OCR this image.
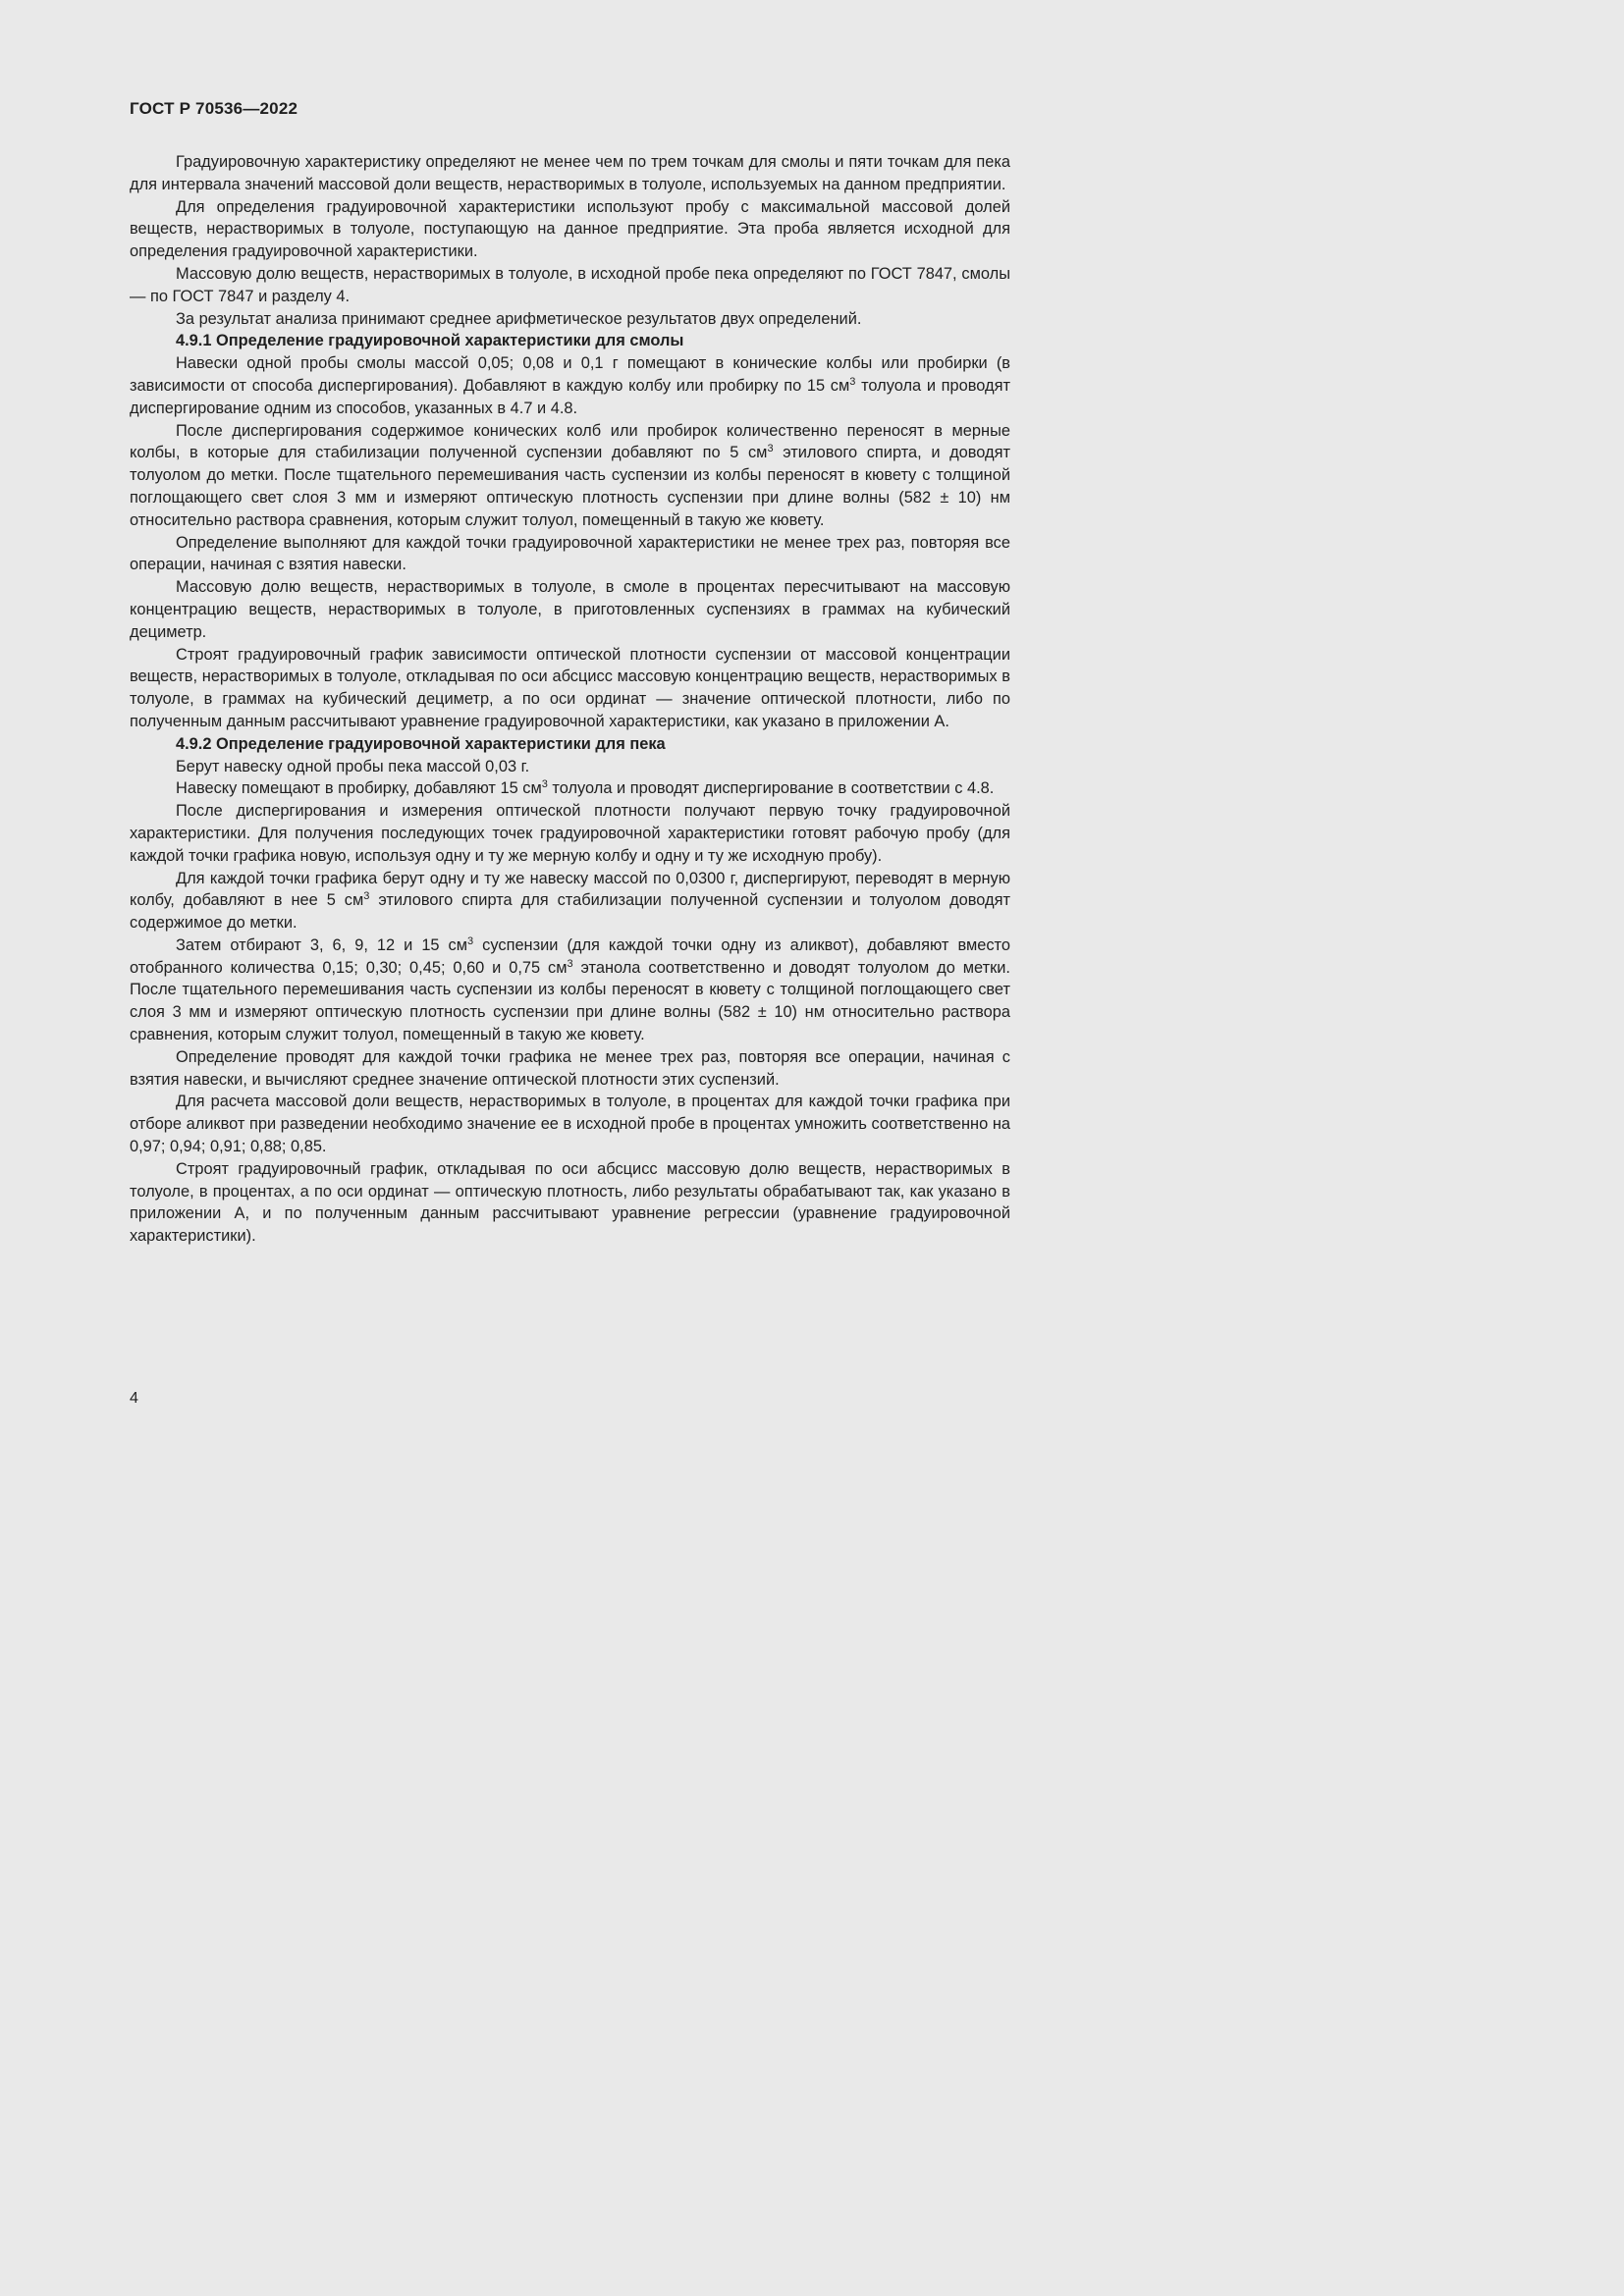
ГОСТ Р 70536—2022

Градуировочную характеристику определяют не менее чем по трем точкам для смолы и пяти точкам для пека для интервала значений массовой доли веществ, нерастворимых в толуоле, используемых на данном предприятии.

Для определения градуировочной характеристики используют пробу с максимальной массовой долей веществ, нерастворимых в толуоле, поступающую на данное предприятие. Эта проба является исходной для определения градуировочной характеристики.

Массовую долю веществ, нерастворимых в толуоле, в исходной пробе пека определяют по ГОСТ 7847, смолы — по ГОСТ 7847 и разделу 4.

За результат анализа принимают среднее арифметическое результатов двух определений.

4.9.1 Определение градуировочной характеристики для смолы

Навески одной пробы смолы массой 0,05; 0,08 и 0,1 г помещают в конические колбы или пробирки (в зависимости от способа диспергирования). Добавляют в каждую колбу или пробирку по 15 $см^3$ толуола и проводят диспергирование одним из способов, указанных в 4.7 и 4.8.

После диспергирования содержимое конических колб или пробирок количественно переносят в мерные колбы, в которые для стабилизации полученной суспензии добавляют по 5 $см^3$ этилового спирта, и доводят толуолом до метки. После тщательного перемешивания часть суспензии из колбы переносят в кювету с толщиной поглощающего свет слоя 3 мм и измеряют оптическую плотность суспензии при длине волны (582 ± 10) нм относительно раствора сравнения, которым служит толуол, помещенный в такую же кювету.

Определение выполняют для каждой точки градуировочной характеристики не менее трех раз, повторяя все операции, начиная с взятия навески.

Массовую долю веществ, нерастворимых в толуоле, в смоле в процентах пересчитывают на массовую концентрацию веществ, нерастворимых в толуоле, в приготовленных суспензиях в граммах на кубический дециметр.

Строят градуировочный график зависимости оптической плотности суспензии от массовой концентрации веществ, нерастворимых в толуоле, откладывая по оси абсцисс массовую концентрацию веществ, нерастворимых в толуоле, в граммах на кубический дециметр, а по оси ординат — значение оптической плотности, либо по полученным данным рассчитывают уравнение градуировочной характеристики, как указано в приложении А.

4.9.2 Определение градуировочной характеристики для пека

Берут навеску одной пробы пека массой 0,03 г.

Навеску помещают в пробирку, добавляют 15 $см^3$ толуола и проводят диспергирование в соответствии с 4.8.

После диспергирования и измерения оптической плотности получают первую точку градуировочной характеристики. Для получения последующих точек градуировочной характеристики готовят рабочую пробу (для каждой точки графика новую, используя одну и ту же мерную колбу и одну и ту же исходную пробу).

Для каждой точки графика берут одну и ту же навеску массой по 0,0300 г, диспергируют, переводят в мерную колбу, добавляют в нее 5 $см^3$ этилового спирта для стабилизации полученной суспензии и толуолом доводят содержимое до метки.

Затем отбирают 3, 6, 9, 12 и 15 $см^3$ суспензии (для каждой точки одну из аликвот), добавляют вместо отобранного количества 0,15; 0,30; 0,45; 0,60 и 0,75 $см^3$ этанола соответственно и доводят толуолом до метки. После тщательного перемешивания часть суспензии из колбы переносят в кювету с толщиной поглощающего свет слоя 3 мм и измеряют оптическую плотность суспензии при длине волны (582 ± 10) нм относительно раствора сравнения, которым служит толуол, помещенный в такую же кювету.

Определение проводят для каждой точки графика не менее трех раз, повторяя все операции, начиная с взятия навески, и вычисляют среднее значение оптической плотности этих суспензий.

Для расчета массовой доли веществ, нерастворимых в толуоле, в процентах для каждой точки графика при отборе аликвот при разведении необходимо значение ее в исходной пробе в процентах умножить соответственно на 0,97; 0,94; 0,91; 0,88; 0,85.

Строят градуировочный график, откладывая по оси абсцисс массовую долю веществ, нерастворимых в толуоле, в процентах, а по оси ординат — оптическую плотность, либо результаты обрабатывают так, как указано в приложении А, и по полученным данным рассчитывают уравнение регрессии (уравнение градуировочной характеристики).

4
